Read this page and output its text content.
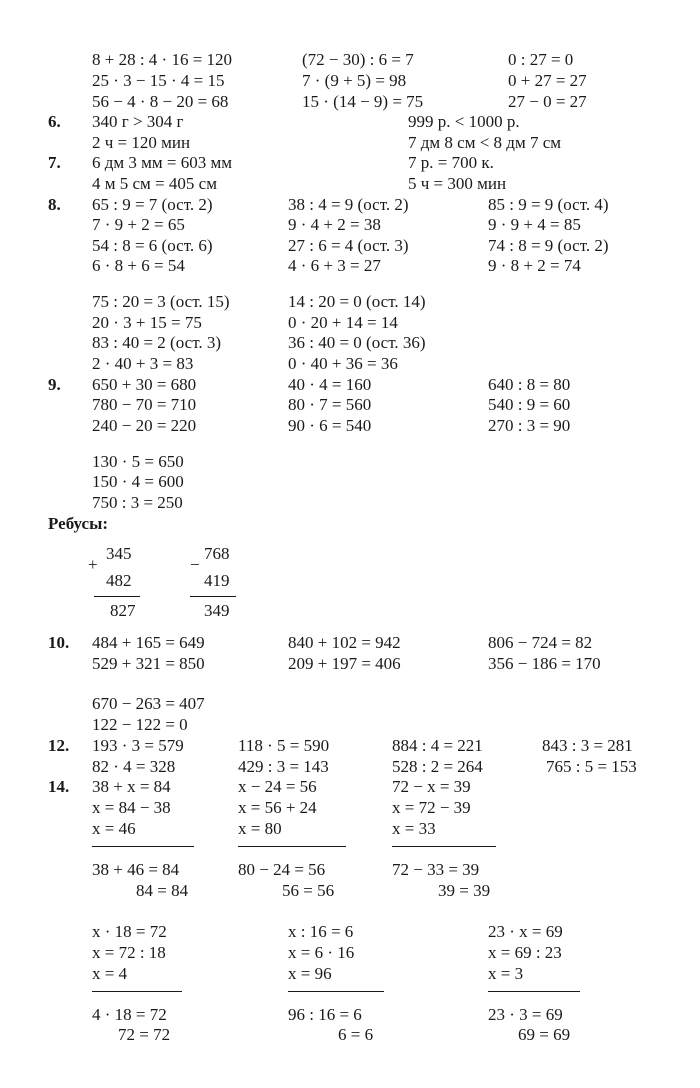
8 + 28 : 4 · 16 = 120
25 · 3 − 15 · 4 = 15
56 − 4 · 8 − 20 = 68
(72 − 30) : 6 = 7
7 · (9 + 5) = 98
15 · (14 − 9) = 75
0 : 27 = 0
0 + 27 = 27
27 − 0 = 27
6. 340 г > 304 г
2 ч = 120 мин
999 р. < 1000 р.
7 дм 8 см < 8 дм 7 см
7. 6 дм 3 мм = 603 мм
4 м 5 см = 405 см
7 р. = 700 к.
5 ч = 300 мин
8. 65 : 9 = 7 (ост. 2)
7 · 9 + 2 = 65
54 : 8 = 6 (ост. 6)
6 · 8 + 6 = 54
38 : 4 = 9 (ост. 2)
9 · 4 + 2 = 38
27 : 6 = 4 (ост. 3)
4 · 6 + 3 = 27
85 : 9 = 9 (ост. 4)
9 · 9 + 4 = 85
74 : 8 = 9 (ост. 2)
9 · 8 + 2 = 74
75 : 20 = 3 (ост. 15)
20 · 3 + 15 = 75
83 : 40 = 2 (ост. 3)
2 · 40 + 3 = 83
14 : 20 = 0 (ост. 14)
0 · 20 + 14 = 14
36 : 40 = 0 (ост. 36)
0 · 40 + 36 = 36
9. 650 + 30 = 680
780 − 70 = 710
240 − 20 = 220
40 · 4 = 160
80 · 7 = 560
90 · 6 = 540
640 : 8 = 80
540 : 9 = 60
270 : 3 = 90
130 · 5 = 650
150 · 4 = 600
750 : 3 = 250
Ребусы:
+
345
482
827
−
768
419
349
10. 484 + 165 = 649
529 + 321 = 850
840 + 102 = 942
209 + 197 = 406
806 − 724 = 82
356 − 186 = 170
670 − 263 = 407
122 − 122 = 0
12. 193 · 3 = 579
82 · 4 = 328
118 · 5 = 590
429 : 3 = 143
884 : 4 = 221
528 : 2 = 264
843 : 3 = 281
765 : 5 = 153
14. 38 + x = 84
x = 84 − 38
x = 46
38 + 46 = 84
84 = 84
x − 24 = 56
x = 56 + 24
x = 80
80 − 24 = 56
56 = 56
72 − x = 39
x = 72 − 39
x = 33
72 − 33 = 39
39 = 39
x · 18 = 72
x = 72 : 18
x = 4
4 · 18 = 72
72 = 72
x : 16 = 6
x = 6 · 16
x = 96
96 : 16 = 6
6 = 6
23 · x = 69
x = 69 : 23
x = 3
23 · 3 = 69
69 = 69
